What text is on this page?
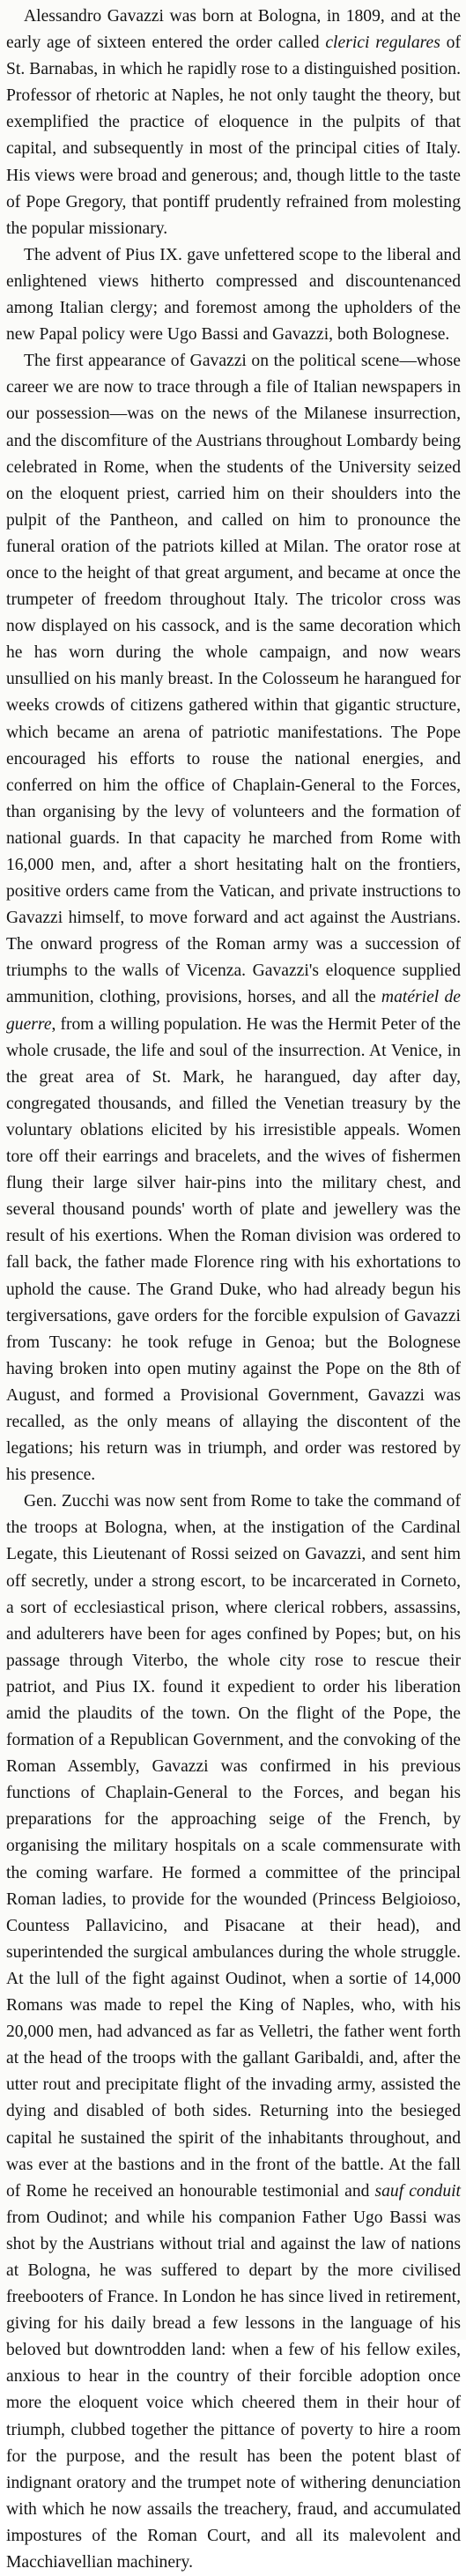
Alessandro Gavazzi was born at Bologna, in 1809, and at the early age of sixteen entered the order called clerici regulares of St. Barnabas, in which he rapidly rose to a distinguished position. Professor of rhetoric at Naples, he not only taught the theory, but exemplified the practice of eloquence in the pulpits of that capital, and subsequently in most of the principal cities of Italy. His views were broad and generous; and, though little to the taste of Pope Gregory, that pontiff prudently refrained from molesting the popular missionary.

The advent of Pius IX. gave unfettered scope to the liberal and enlightened views hitherto compressed and discountenanced among Italian clergy; and foremost among the upholders of the new Papal policy were Ugo Bassi and Gavazzi, both Bolognese.

The first appearance of Gavazzi on the political scene—whose career we are now to trace through a file of Italian newspapers in our possession—was on the news of the Milanese insurrection, and the discomfiture of the Austrians throughout Lombardy being celebrated in Rome, when the students of the University seized on the eloquent priest, carried him on their shoulders into the pulpit of the Pantheon, and called on him to pronounce the funeral oration of the patriots killed at Milan. The orator rose at once to the height of that great argument, and became at once the trumpeter of freedom throughout Italy. The tricolor cross was now displayed on his cassock, and is the same decoration which he has worn during the whole campaign, and now wears unsullied on his manly breast. In the Colosseum he harangued for weeks crowds of citizens gathered within that gigantic structure, which became an arena of patriotic manifestations. The Pope encouraged his efforts to rouse the national energies, and conferred on him the office of Chaplain-General to the Forces, than organising by the levy of volunteers and the formation of national guards. In that capacity he marched from Rome with 16,000 men, and, after a short hesitating halt on the frontiers, positive orders came from the Vatican, and private instructions to Gavazzi himself, to move forward and act against the Austrians. The onward progress of the Roman army was a succession of triumphs to the walls of Vicenza. Gavazzi's eloquence supplied ammunition, clothing, provisions, horses, and all the matériel de guerre, from a willing population. He was the Hermit Peter of the whole crusade, the life and soul of the insurrection. At Venice, in the great area of St. Mark, he harangued, day after day, congregated thousands, and filled the Venetian treasury by the voluntary oblations elicited by his irresistible appeals. Women tore off their earrings and bracelets, and the wives of fishermen flung their large silver hair-pins into the military chest, and several thousand pounds' worth of plate and jewellery was the result of his exertions. When the Roman division was ordered to fall back, the father made Florence ring with his exhortations to uphold the cause. The Grand Duke, who had already begun his tergiversations, gave orders for the forcible expulsion of Gavazzi from Tuscany: he took refuge in Genoa; but the Bolognese having broken into open mutiny against the Pope on the 8th of August, and formed a Provisional Government, Gavazzi was recalled, as the only means of allaying the discontent of the legations; his return was in triumph, and order was restored by his presence.

Gen. Zucchi was now sent from Rome to take the command of the troops at Bologna, when, at the instigation of the Cardinal Legate, this Lieutenant of Rossi seized on Gavazzi, and sent him off secretly, under a strong escort, to be incarcerated in Corneto, a sort of ecclesiastical prison, where clerical robbers, assassins, and adulterers have been for ages confined by Popes; but, on his passage through Viterbo, the whole city rose to rescue their patriot, and Pius IX. found it expedient to order his liberation amid the plaudits of the town. On the flight of the Pope, the formation of a Republican Government, and the convoking of the Roman Assembly, Gavazzi was confirmed in his previous functions of Chaplain-General to the Forces, and began his preparations for the approaching seige of the French, by organising the military hospitals on a scale commensurate with the coming warfare. He formed a committee of the principal Roman ladies, to provide for the wounded (Princess Belgioioso, Countess Pallavicino, and Pisacane at their head), and superintended the surgical ambulances during the whole struggle. At the lull of the fight against Oudinot, when a sortie of 14,000 Romans was made to repel the King of Naples, who, with his 20,000 men, had advanced as far as Velletri, the father went forth at the head of the troops with the gallant Garibaldi, and, after the utter rout and precipitate flight of the invading army, assisted the dying and disabled of both sides. Returning into the besieged capital he sustained the spirit of the inhabitants throughout, and was ever at the bastions and in the front of the battle. At the fall of Rome he received an honourable testimonial and sauf conduit from Oudinot; and while his companion Father Ugo Bassi was shot by the Austrians without trial and against the law of nations at Bologna, he was suffered to depart by the more civilised freebooters of France. In London he has since lived in retirement, giving for his daily bread a few lessons in the language of his beloved but downtrodden land: when a few of his fellow exiles, anxious to hear in the country of their forcible adoption once more the eloquent voice which cheered them in their hour of triumph, clubbed together the pittance of poverty to hire a room for the purpose, and the result has been the potent blast of indignant oratory and the trumpet note of withering denunciation with which he now assails the treachery, fraud, and accumulated impostures of the Roman Court, and all its malevolent and Macchiavellian machinery.
